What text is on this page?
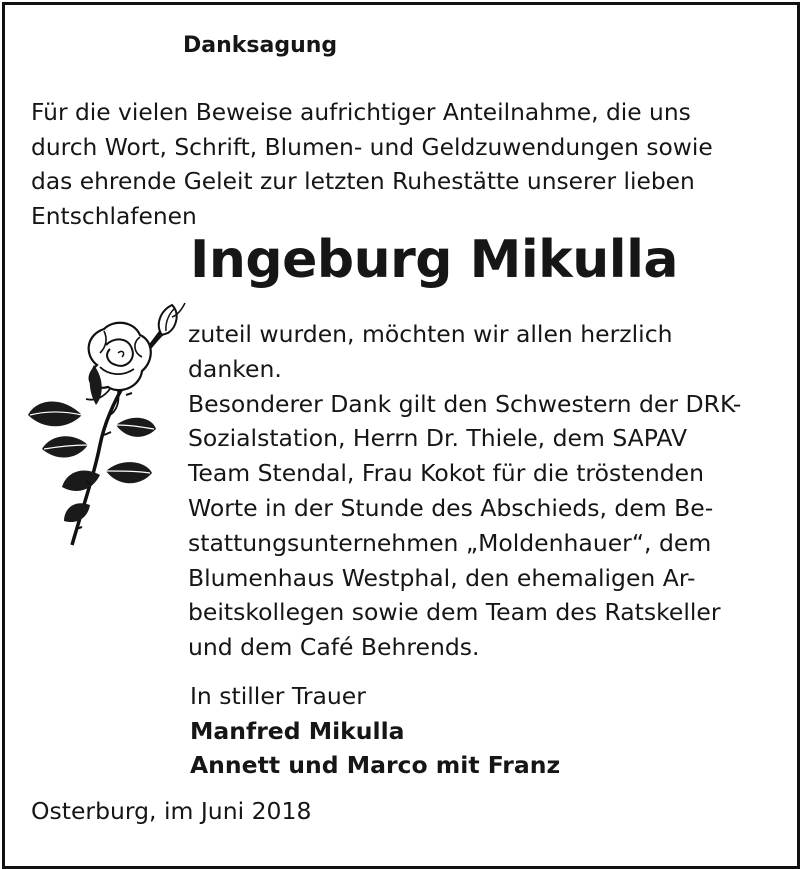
Danksagung
Für die vielen Beweise aufrichtiger Anteilnahme, die uns
durch Wort, Schrift, Blumen- und Geldzuwendungen sowie
das ehrende Geleit zur letzten Ruhestätte unserer lieben
Entschlafenen
Ingeburg Mikulla
zuteil wurden, möchten wir allen herzlich
danken.
Besonderer Dank gilt den Schwestern der DRK-
Sozialstation, Herrn Dr. Thiele, dem SAPAV
Team Stendal, Frau Kokot für die tröstenden
Worte in der Stunde des Abschieds, dem Be-
stattungsunternehmen „Moldenhauer“, dem
Blumenhaus Westphal, den ehemaligen Ar-
beitskollegen sowie dem Team des Ratskeller
und dem Café Behrends.
In stiller Trauer
Manfred Mikulla
Annett und Marco mit Franz
Osterburg, im Juni 2018
